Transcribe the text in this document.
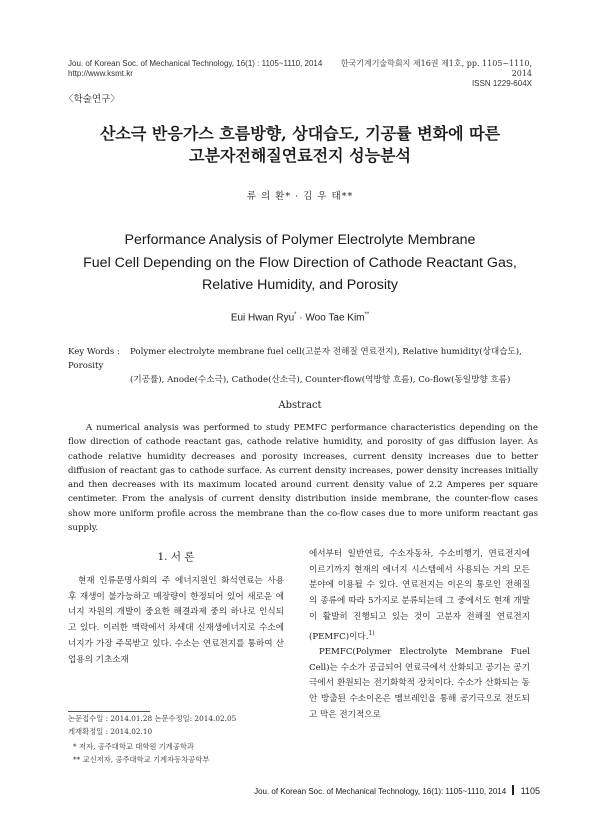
Jou. of Korean Soc. of Mechanical Technology, 16(1) : 1105~1110, 2014
http://www.ksmt.kr
한국기계기술학회지 제16권 제1호, pp. 1105~1110, 2014
ISSN 1229-604X
〈학술연구〉
산소극 반응가스 흐름방향, 상대습도, 기공률 변화에 따른
고분자전해질연료전지 성능분석
류 의 환* · 김 우 태**
Performance Analysis of Polymer Electrolyte Membrane
Fuel Cell Depending on the Flow Direction of Cathode Reactant Gas,
Relative Humidity, and Porosity
Eui Hwan Ryu* · Woo Tae Kim**
Key Words : Polymer electrolyte membrane fuel cell(고분자 전해질 연료전지), Relative humidity(상대습도), Porosity
(기공률), Anode(수소극), Cathode(산소극), Counter-flow(역방향 흐름), Co-flow(동일방향 흐름)
Abstract
A numerical analysis was performed to study PEMFC performance characteristics depending on the flow direction of cathode reactant gas, cathode relative humidity, and porosity of gas diffusion layer. As cathode relative humidity decreases and porosity increases, current density increases due to better diffusion of reactant gas to cathode surface. As current density increases, power density increases initially and then decreases with its maximum located around current density value of 2.2 Amperes per square centimeter. From the analysis of current density distribution inside membrane, the counter-flow cases show more uniform profile across the membrane than the co-flow cases due to more uniform reactant gas supply.
1. 서 론

현재 인류문명사회의 주 에너지원인 화석연료는 사용 후 재생이 불가능하고 매장량이 한정되어 있어 새로운 에너지 자원의 개발이 중요한 해결과제 중의 하나로 인식되고 있다. 이러한 맥락에서 차세대 신재생에너지로 수소에너지가 가장 주목받고 있다. 수소는 연료전지를 통하여 산업용의 기초소재

논문접수일 : 2014.01.28 논문수정일: 2014.02.05
게재확정일 : 2014.02.10
* 저자, 공주대학교 대학원 기계공학과
** 교신저자, 공주대학교 기계자동차공학부

에서부터 일반연료, 수소자동차, 수소비행기, 연료전지에 이르기까지 현재의 에너지 시스템에서 사용되는 거의 모든 분야에 이용될 수 있다. 연료전지는 이온의 통로인 전해질의 종류에 따라 5가지로 분류되는데 그 중에서도 현재 개발이 활발히 진행되고 있는 것이 고분자 전해질 연료전지(PEMFC)이다.$^{1)}$

PEMFC(Polymer Electrolyte Membrane Fuel Cell)는 수소가 공급되어 연료극에서 산화되고 공기는 공기극에서 환원되는 전기화학적 장치이다. 수소가 산화되는 동안 방출된 수소이온은 멤브레인을 통해 공기극으로 전도되고 막은 전기적으로

Jou. of Korean Soc. of Mechanical Technology, 16(1): 1105~1110, 2014 1105
